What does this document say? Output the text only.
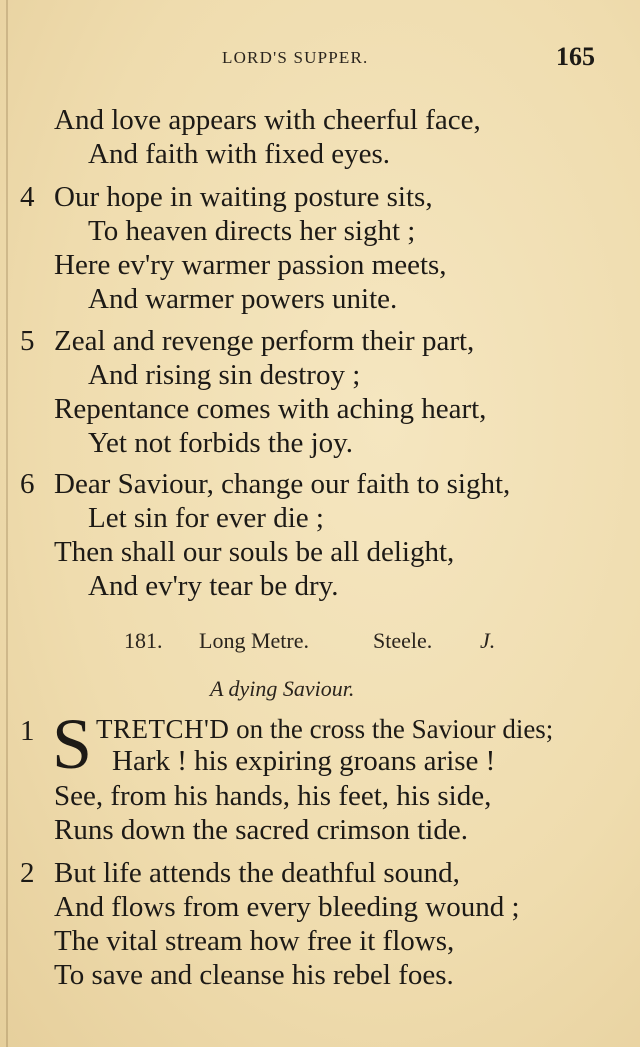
LORD'S SUPPER.	165
And love appears with cheerful face,
And faith with fixed eyes.
4 Our hope in waiting posture sits,
To heaven directs her sight ;
Here ev'ry warmer passion meets,
And warmer powers unite.
5 Zeal and revenge perform their part,
And rising sin destroy ;
Repentance comes with aching heart,
Yet not forbids the joy.
6 Dear Saviour, change our faith to sight,
Let sin for ever die ;
Then shall our souls be all delight,
And ev'ry tear be dry.
181. Long Metre.	Steele. J.
A dying Saviour.
1 S TRETCH'D on the cross the Saviour dies;
Hark ! his expiring groans arise !
See, from his hands, his feet, his side,
Runs down the sacred crimson tide.
2 But life attends the deathful sound,
And flows from every bleeding wound ;
The vital stream how free it flows,
To save and cleanse his rebel foes.
